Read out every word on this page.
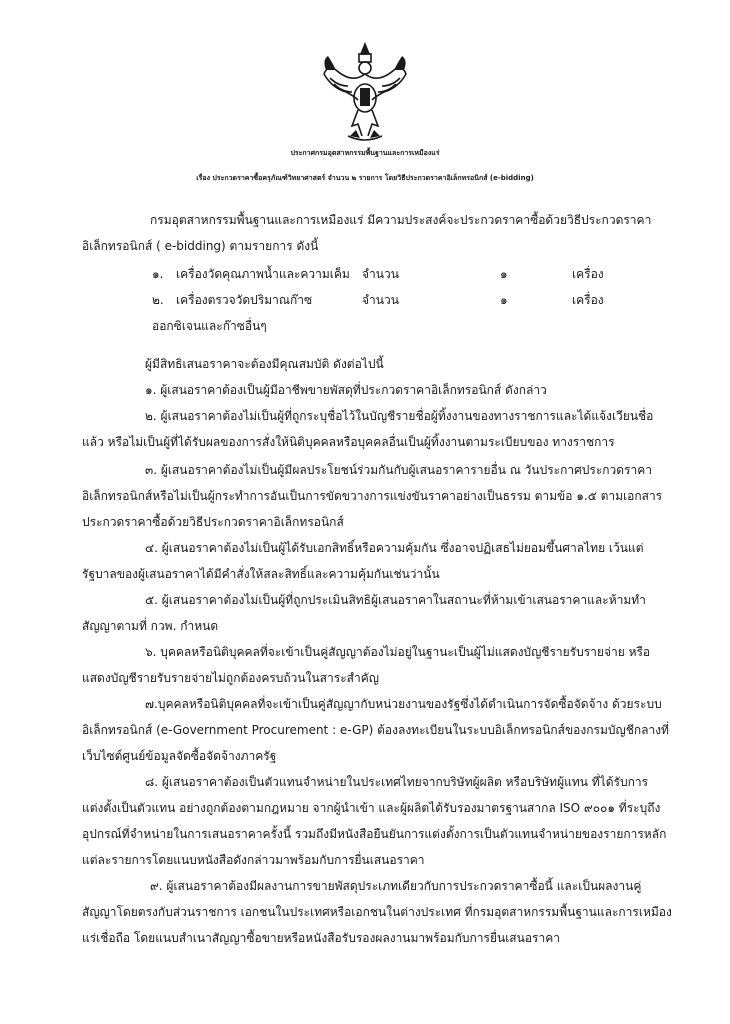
ประกาศกรมอุตสาหกรรมพื้นฐานและการเหมืองแร่
เรื่อง ประกวดราคาซื้อครุภัณฑ์วิทยาศาสตร์ จำนวน ๒ รายการ โดยวิธีประกวดราคาอิเล็กทรอนิกส์ (e-bidding)
กรมอุตสาหกรรมพื้นฐานและการเหมืองแร่ มีความประสงค์จะประกวดราคาซื้อด้วยวิธีประกวดราคา
อิเล็กทรอนิกส์ ( e-bidding) ตามรายการ ดังนี้
๑. เครื่องวัดคุณภาพน้ำและความเค็ม จำนวน	๑	เครื่อง
๒. เครื่องตรวจวัดปริมาณก๊าซ	จำนวน	๑	เครื่อง
ออกซิเจนและก๊าซอื่นๆ
ผู้มีสิทธิเสนอราคาจะต้องมีคุณสมบัติ ดังต่อไปนี้
๑. ผู้เสนอราคาต้องเป็นผู้มีอาชีพขายพัสดุที่ประกวดราคาอิเล็กทรอนิกส์ ดังกล่าว
๒. ผู้เสนอราคาต้องไม่เป็นผู้ที่ถูกระบุชื่อไว้ในบัญชีรายชื่อผู้ทิ้งงานของทางราชการและได้แจ้งเวียนชื่อ
แล้ว หรือไม่เป็นผู้ที่ได้รับผลของการสั่งให้นิติบุคคลหรือบุคคลอื่นเป็นผู้ทิ้งงานตามระเบียบของ ทางราชการ
๓. ผู้เสนอราคาต้องไม่เป็นผู้มีผลประโยชน์ร่วมกันกับผู้เสนอราคารายอื่น ณ วันประกาศประกวดราคา
อิเล็กทรอนิกส์หรือไม่เป็นผู้กระทำการอันเป็นการขัดขวางการแข่งขันราคาอย่างเป็นธรรม ตามข้อ ๑.๕ ตามเอกสาร
ประกวดราคาซื้อด้วยวิธีประกวดราคาอิเล็กทรอนิกส์
๔. ผู้เสนอราคาต้องไม่เป็นผู้ได้รับเอกสิทธิ์หรือความคุ้มกัน ซึ่งอาจปฏิเสธไม่ยอมขึ้นศาลไทย เว้นแต่
รัฐบาลของผู้เสนอราคาได้มีคำสั่งให้สละสิทธิ์และความคุ้มกันเช่นว่านั้น
๕. ผู้เสนอราคาต้องไม่เป็นผู้ที่ถูกประเมินสิทธิผู้เสนอราคาในสถานะที่ห้ามเข้าเสนอราคาและห้ามทำ
สัญญาตามที่ กวพ. กำหนด
๖. บุคคลหรือนิติบุคคลที่จะเข้าเป็นคู่สัญญาต้องไม่อยู่ในฐานะเป็นผู้ไม่แสดงบัญชีรายรับรายจ่าย หรือ
แสดงบัญชีรายรับรายจ่ายไม่ถูกต้องครบถ้วนในสาระสำคัญ
๗.บุคคลหรือนิติบุคคลที่จะเข้าเป็นคู่สัญญากับหน่วยงานของรัฐซึ่งได้ดำเนินการจัดซื้อจัดจ้าง ด้วยระบบ
อิเล็กทรอนิกส์ (e-Government Procurement : e-GP) ต้องลงทะเบียนในระบบอิเล็กทรอนิกส์ของกรมบัญชีกลางที่
เว็บไซต์ศูนย์ข้อมูลจัดซื้อจัดจ้างภาครัฐ
๘. ผู้เสนอราคาต้องเป็นตัวแทนจำหน่ายในประเทศไทยจากบริษัทผู้ผลิต หรือบริษัทผู้แทน ที่ได้รับการ
แต่งตั้งเป็นตัวแทน อย่างถูกต้องตามกฎหมาย จากผู้นำเข้า และผู้ผลิตได้รับรองมาตรฐานสากล ISO ๙๐๐๑ ที่ระบุถึง
อุปกรณ์ที่จำหน่ายในการเสนอราคาครั้งนี้ รวมถึงมีหนังสือยืนยันการแต่งตั้งการเป็นตัวแทนจำหน่ายของรายการหลัก
แต่ละรายการโดยแนบหนังสือดังกล่าวมาพร้อมกับการยื่นเสนอราคา
๙. ผู้เสนอราคาต้องมีผลงานการขายพัสดุประเภทเดียวกับการประกวดราคาซื้อนี้ และเป็นผลงานคู่
สัญญาโดยตรงกับส่วนราชการ เอกชนในประเทศหรือเอกชนในต่างประเทศ ที่กรมอุตสาหกรรมพื้นฐานและการเหมือง
แร่เชื่อถือ โดยแนบสำเนาสัญญาซื้อขายหรือหนังสือรับรองผลงานมาพร้อมกับการยื่นเสนอราคา
